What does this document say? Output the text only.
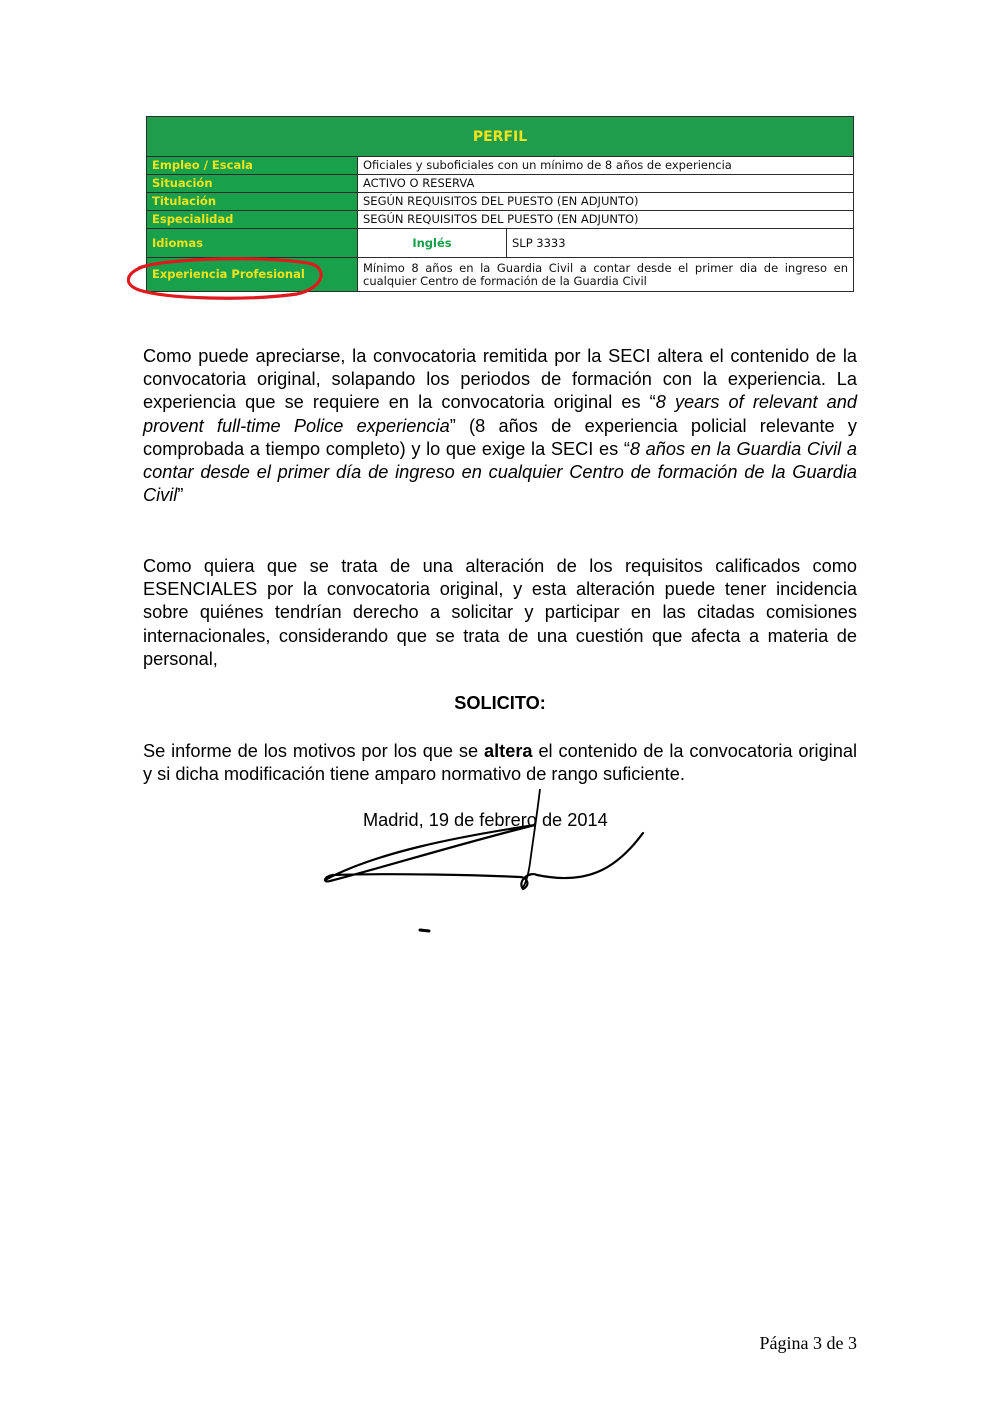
PERFIL		
Empleo / Escala	Oficiales y suboficiales con un mínimo de 8 años de experiencia	
Situación	ACTIVO O RESERVA	
Titulación	SEGÚN REQUISITOS DEL PUESTO (EN ADJUNTO)	
Especialidad	SEGÚN REQUISITOS DEL PUESTO (EN ADJUNTO)	
Idiomas	Inglés	SLP 3333
Experiencia Profesional	Mínimo 8 años en la Guardia Civil a contar desde el primer dia de ingreso en cualquier Centro de formación de la Guardia Civil	

Como puede apreciarse, la convocatoria remitida por la SECI altera el contenido de la convocatoria original, solapando los periodos de formación con la experiencia. La experiencia que se requiere en la convocatoria original es “8 years of relevant and provent full-time Police experiencia” (8 años de experiencia policial relevante y comprobada a tiempo completo) y lo que exige la SECI es “8 años en la Guardia Civil a contar desde el primer día de ingreso en cualquier Centro de formación de la Guardia Civil”

Como quiera que se trata de una alteración de los requisitos calificados como ESENCIALES por la convocatoria original, y esta alteración puede tener incidencia sobre quiénes tendrían derecho a solicitar y participar en las citadas comisiones internacionales, considerando que se trata de una cuestión que afecta a materia de personal,

SOLICITO:

Se informe de los motivos por los que se altera el contenido de la convocatoria original y si dicha modificación tiene amparo normativo de rango suficiente.

Madrid, 19 de febrero de 2014

Página 3 de 3
